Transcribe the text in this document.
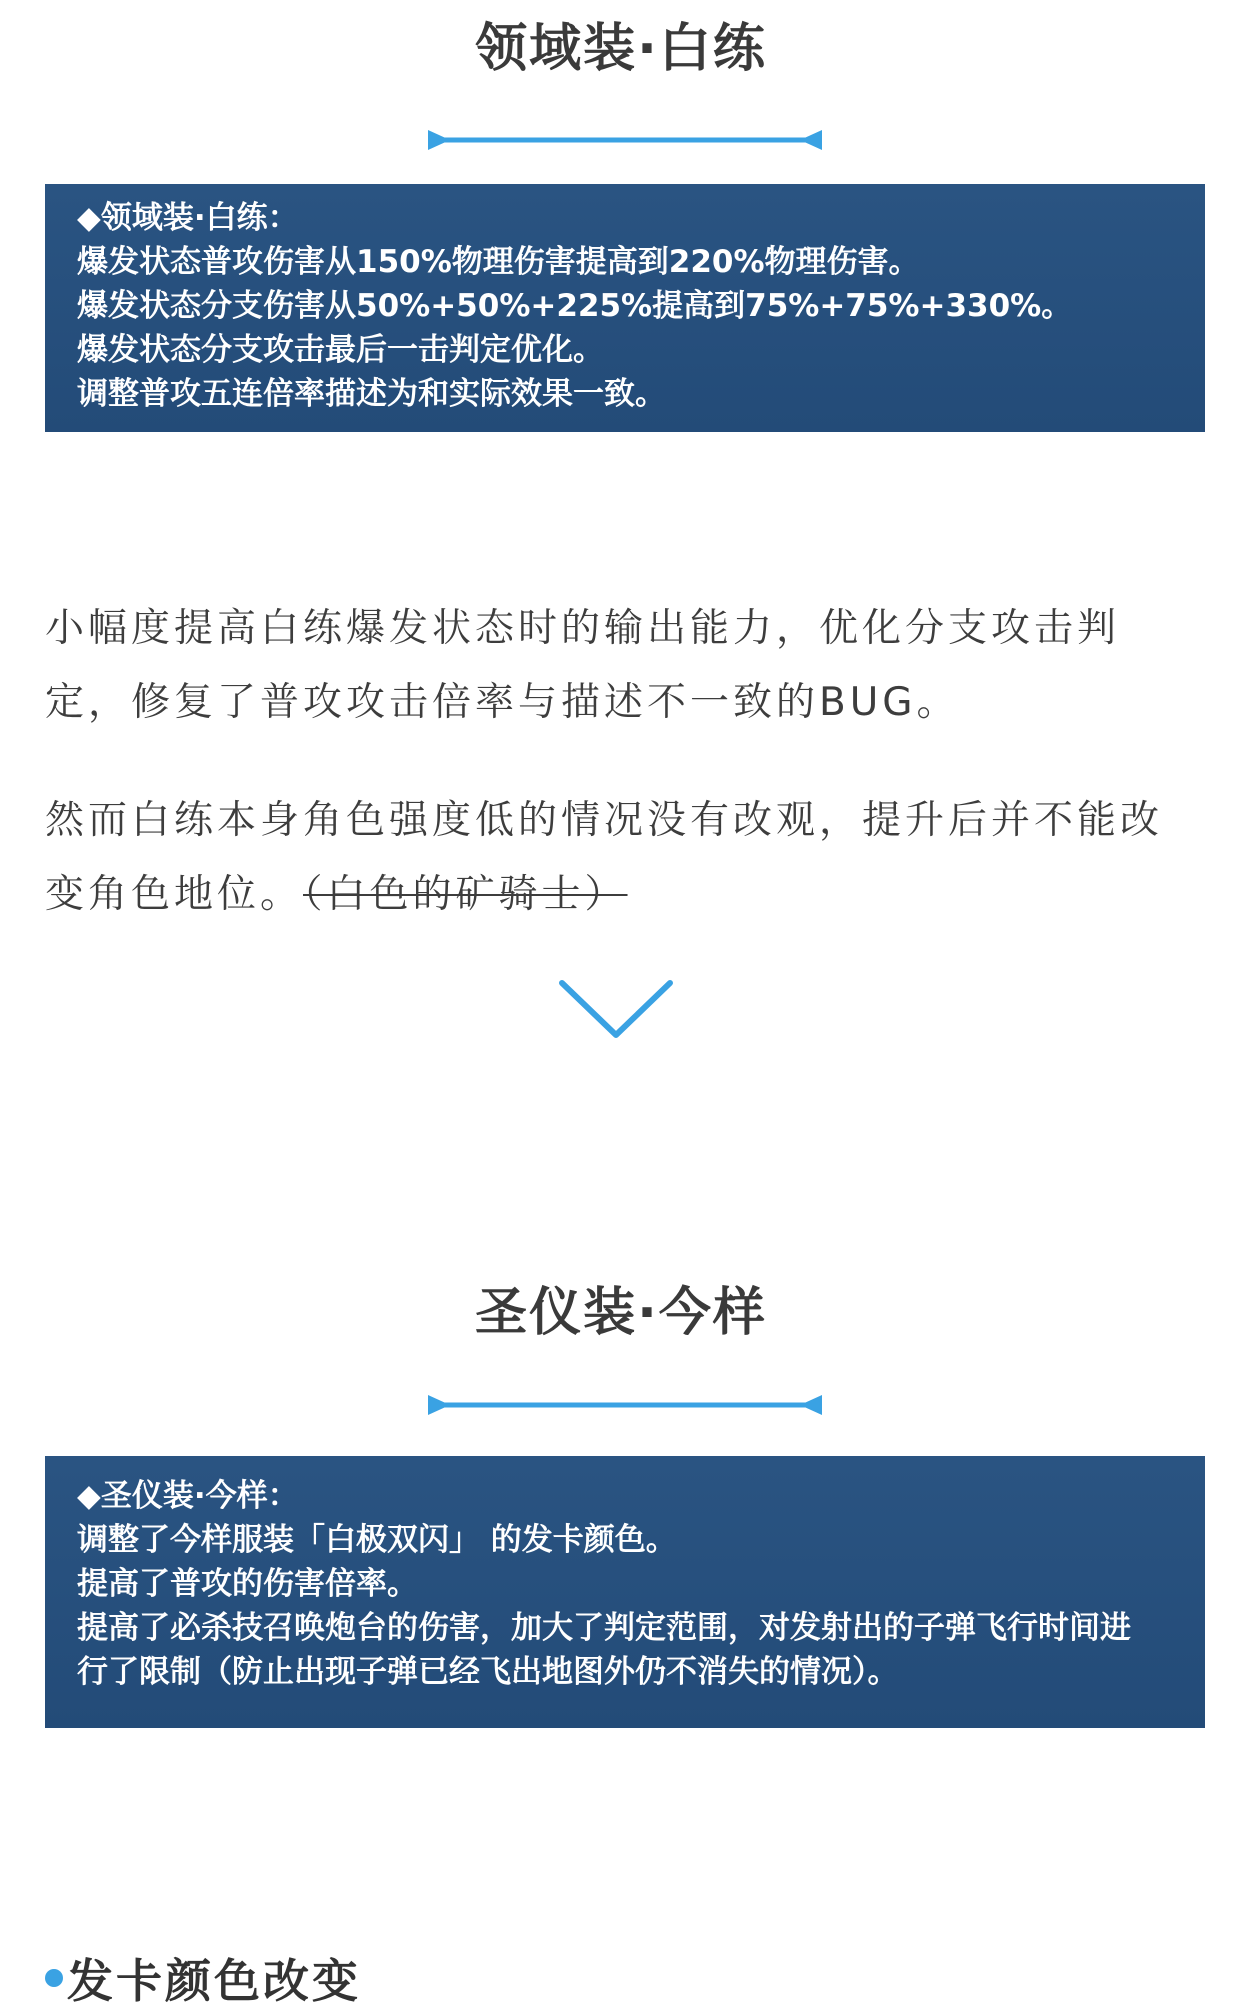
领域装·白练
◆领域装·白练：
爆发状态普攻伤害从150%物理伤害提高到220%物理伤害。
爆发状态分支伤害从50%+50%+225%提高到75%+75%+330%。
爆发状态分支攻击最后一击判定优化。
调整普攻五连倍率描述为和实际效果一致。
小幅度提高白练爆发状态时的输出能力，优化分支攻击判定，修复了普攻攻击倍率与描述不一致的BUG。
然而白练本身角色强度低的情况没有改观，提升后并不能改变角色地位。（白色的矿骑士）
圣仪装·今样
◆圣仪装·今样：
调整了今样服装「白极双闪」 的发卡颜色。
提高了普攻的伤害倍率。
提高了必杀技召唤炮台的伤害，加大了判定范围，对发射出的子弹飞行时间进
行了限制（防止出现子弹已经飞出地图外仍不消失的情况）。
发卡颜色改变
